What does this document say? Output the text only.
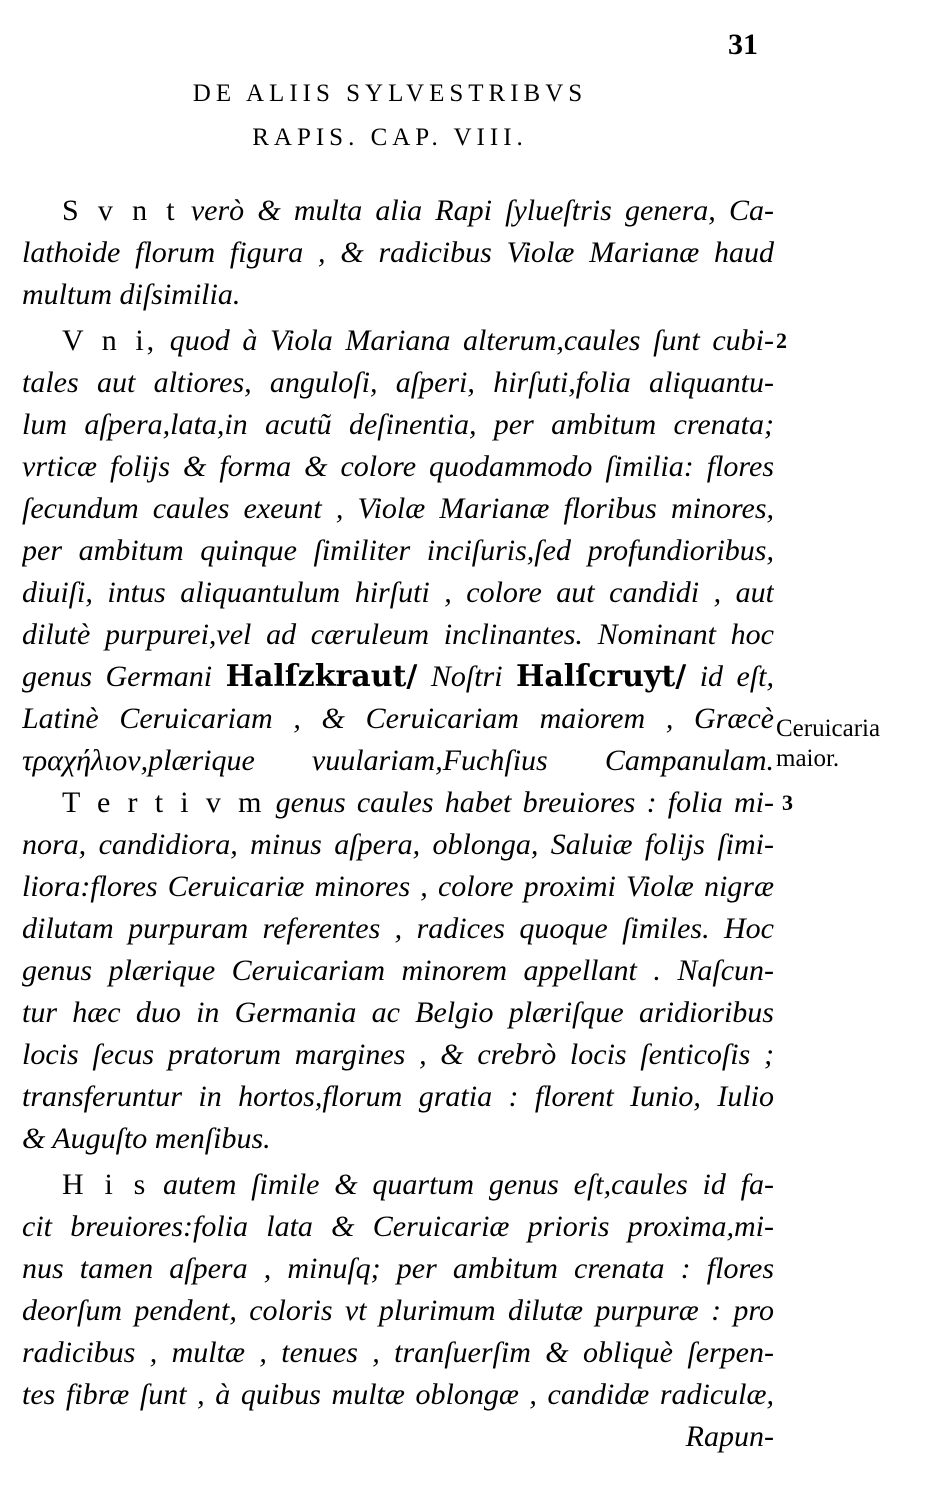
31
DE ALIIS SYLVESTRIBVS
RAPIS. CAP. VIII.
S v n t verò & multa alia Rapi ſylueſtris genera, Ca-
lathoide florum figura , & radicibus Violæ Marianæ haud
multum diſsimilia.
V n i, quod à Viola Mariana alterum,caules ſunt cubi-
tales aut altiores, anguloſi, aſperi, hirſuti,folia aliquantu-
lum aſpera,lata,in acutũ deſinentia, per ambitum crenata;
vrticæ folijs & forma & colore quodammodo ſimilia: flores
ſecundum caules exeunt , Violæ Marianæ floribus minores,
per ambitum quinque ſimiliter inciſuris,ſed profundioribus,
diuiſi, intus aliquantulum hirſuti , colore aut candidi , aut
dilutè purpurei,vel ad cæruleum inclinantes. Nominant hoc
genus Germani Halſzkraut/ Noſtri Halſcruyt/ id eſt,
Latinè Ceruicariam , & Ceruicariam maiorem , Græcè
τραχήλιον,plærique vuulariam,Fuchſius Campanulam.
T e r t i v m genus caules habet breuiores : folia mi-
nora, candidiora, minus aſpera, oblonga, Saluiæ folijs ſimi-
liora:flores Ceruicariæ minores , colore proximi Violæ nigræ
dilutam purpuram referentes , radices quoque ſimiles. Hoc
genus plærique Ceruicariam minorem appellant . Naſcun-
tur hæc duo in Germania ac Belgio plæriſque aridioribus
locis ſecus pratorum margines , & crebrò locis ſenticoſis ;
transferuntur in hortos,florum gratia : florent Iunio, Iulio
& Auguſto menſibus.
H i s autem ſimile & quartum genus eſt,caules id fa-
cit breuiores:folia lata & Ceruicariæ prioris proxima,mi-
nus tamen aſpera , minuſq; per ambitum crenata : flores
deorſum pendent, coloris vt plurimum dilutæ purpuræ : pro
radicibus , multæ , tenues , tranſuerſim & obliquè ſerpen-
tes fibræ ſunt , à quibus multæ oblongæ , candidæ radiculæ,
Rapun-
2
Ceruicaria
maior.
3
